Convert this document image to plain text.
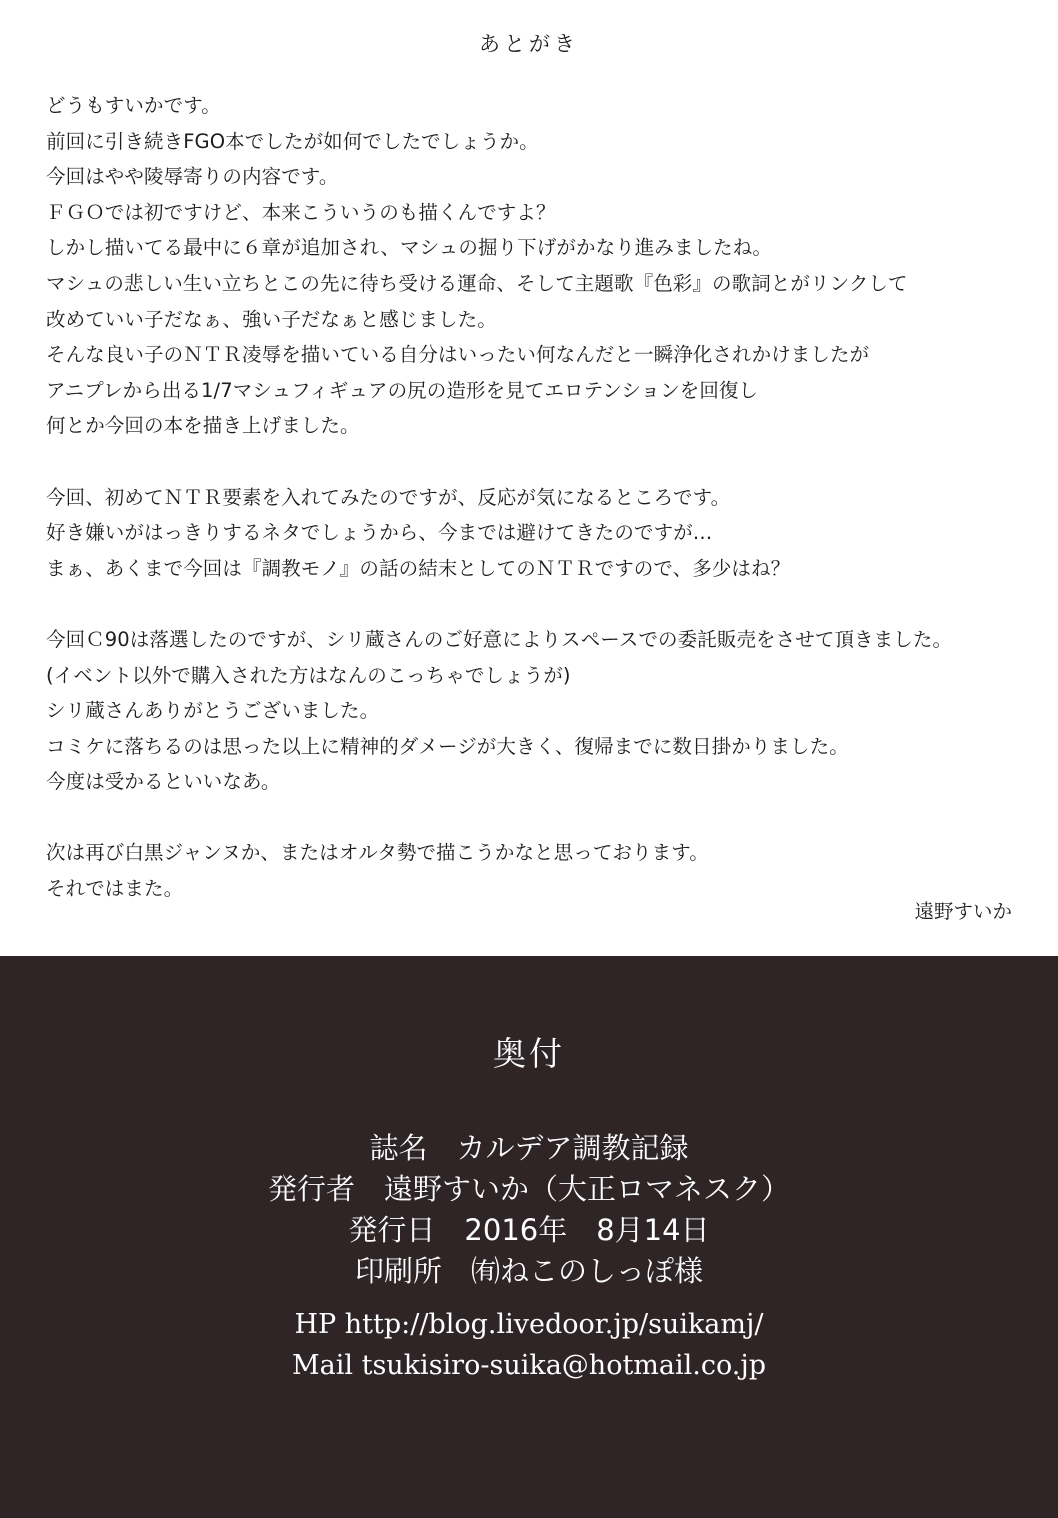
あとがき

どうもすいかです。

前回に引き続きFGO本でしたが如何でしたでしょうか。

今回はやや陵辱寄りの内容です。

ＦＧＯでは初ですけど、本来こういうのも描くんですよ？

しかし描いてる最中に６章が追加され、マシュの掘り下げがかなり進みましたね。

マシュの悲しい生い立ちとこの先に待ち受ける運命、そして主題歌『色彩』の歌詞とがリンクして

改めていい子だなぁ、強い子だなぁと感じました。

そんな良い子のＮＴＲ凌辱を描いている自分はいったい何なんだと一瞬浄化されかけましたが

アニプレから出る1/7マシュフィギュアの尻の造形を見てエロテンションを回復し

何とか今回の本を描き上げました。

今回、初めてＮＴＲ要素を入れてみたのですが、反応が気になるところです。

好き嫌いがはっきりするネタでしょうから、今までは避けてきたのですが…

まぁ、あくまで今回は『調教モノ』の話の結末としてのＮＴＲですので、多少はね？

今回Ｃ90は落選したのですが、シリ蔵さんのご好意によりスペースでの委託販売をさせて頂きました。

(イベント以外で購入された方はなんのこっちゃでしょうが)

シリ蔵さんありがとうございました。

コミケに落ちるのは思った以上に精神的ダメージが大きく、復帰までに数日掛かりました。

今度は受かるといいなあ。

次は再び白黒ジャンヌか、またはオルタ勢で描こうかなと思っております。

それではまた。

遠野すいか
奥付
誌名　カルデア調教記録
発行者　遠野すいか（大正ロマネスク）
発行日　2016年　8月14日
印刷所　㈲ねこのしっぽ様
HP http://blog.livedoor.jp/suikamj/
Mail tsukisiro-suika@hotmail.co.jp
